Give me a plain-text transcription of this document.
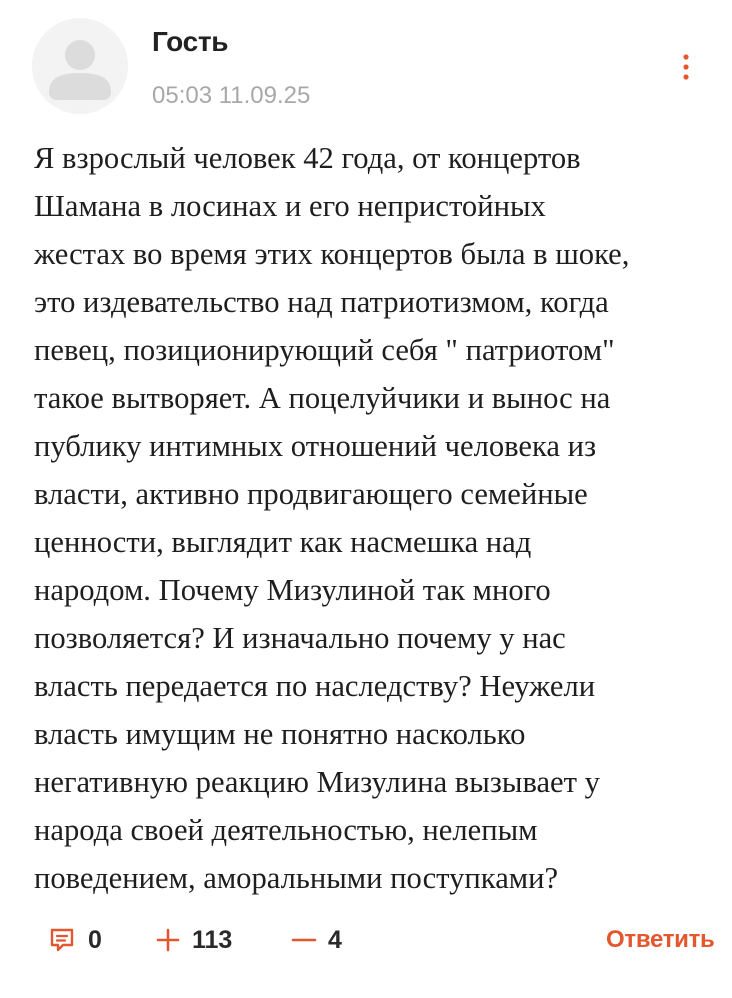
Гость
05:03 11.09.25
Я взрослый человек 42 года, от концертов
Шамана в лосинах и его непристойных
жестах во время этих концертов была в шоке,
это издевательство над патриотизмом, когда
певец, позиционирующий себя " патриотом"
такое вытворяет. А поцелуйчики и вынос на
публику интимных отношений человека из
власти, активно продвигающего семейные
ценности, выглядит как насмешка над
народом. Почему Мизулиной так много
позволяется? И изначально почему у нас
власть передается по наследству? Неужели
власть имущим не понятно насколько
негативную реакцию Мизулина вызывает у
народа своей деятельностью, нелепым
поведением, аморальными поступками?
0	113	4	Ответить
